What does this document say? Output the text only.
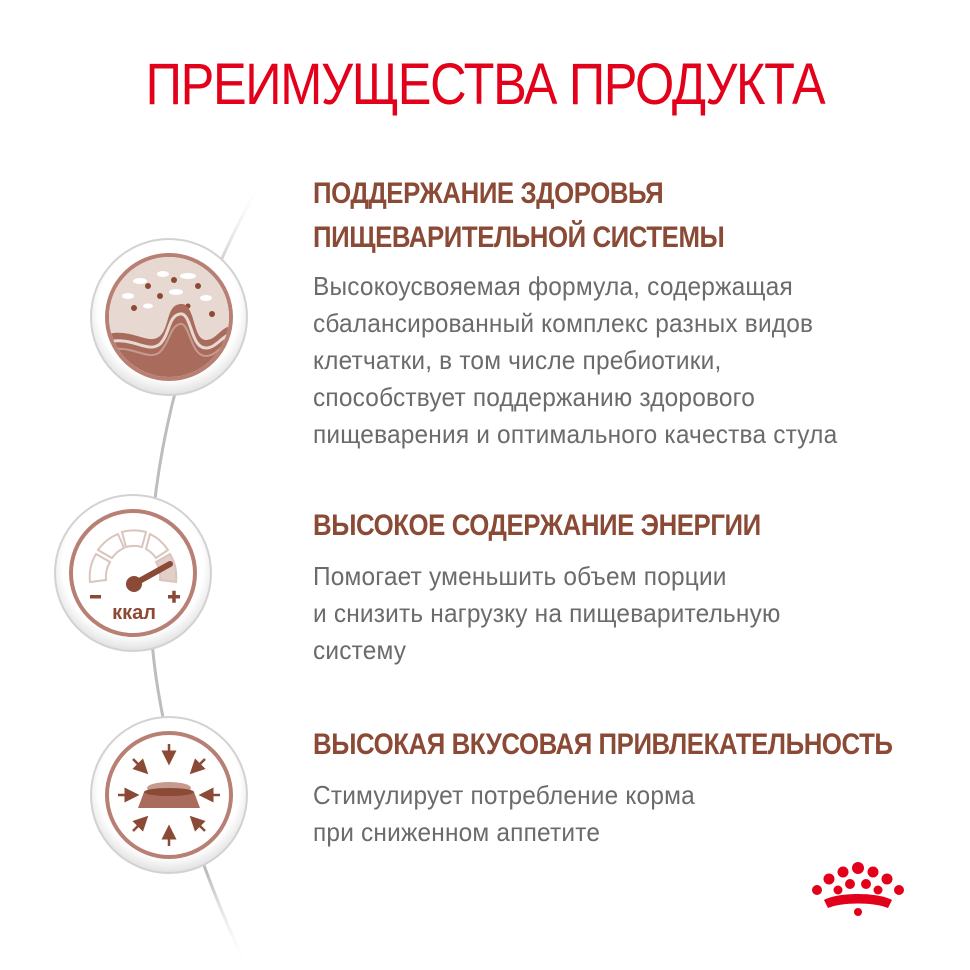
ПРЕИМУЩЕСТВА ПРОДУКТА
ккал
ПОДДЕРЖАНИЕ ЗДОРОВЬЯ
ПИЩЕВАРИТЕЛЬНОЙ СИСТЕМЫ

Высокоусвояемая формула, содержащая
сбалансированный комплекс разных видов
клетчатки, в том числе пребиотики,
способствует поддержанию здорового
пищеварения и оптимального качества стула

ВЫСОКОЕ СОДЕРЖАНИЕ ЭНЕРГИИ

Помогает уменьшить объем порции
и снизить нагрузку на пищеварительную
систему

ВЫСОКАЯ ВКУСОВАЯ ПРИВЛЕКАТЕЛЬНОСТЬ

Стимулирует потребление корма
при сниженном аппетите
